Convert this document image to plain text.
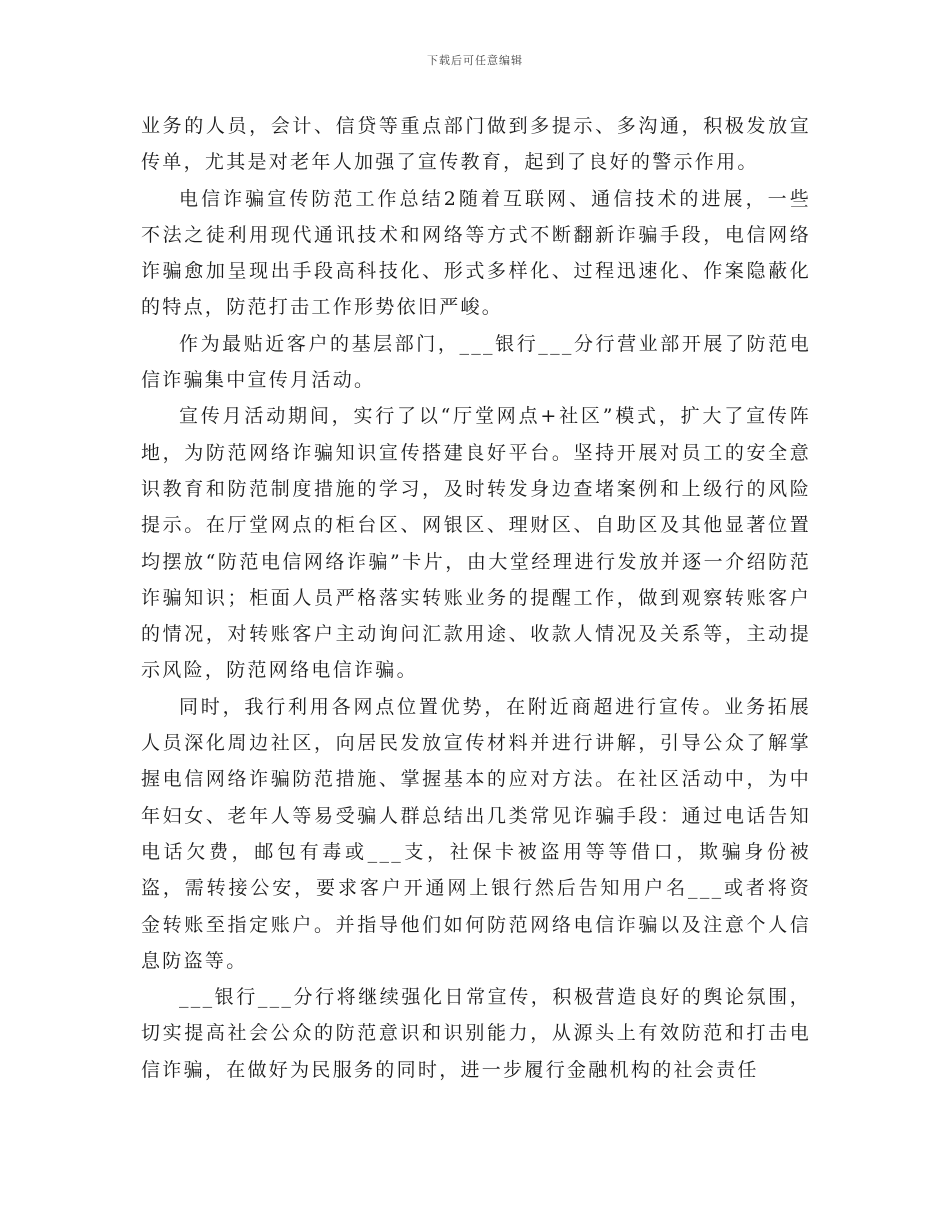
下载后可任意编辑

业务的人员，会计、信贷等重点部门做到多提示、多沟通，积极发放宣传单，尤其是对老年人加强了宣传教育，起到了良好的警示作用。

电信诈骗宣传防范工作总结2随着互联网、通信技术的进展，一些不法之徒利用现代通讯技术和网络等方式不断翻新诈骗手段，电信网络诈骗愈加呈现出手段高科技化、形式多样化、过程迅速化、作案隐蔽化的特点，防范打击工作形势依旧严峻。

作为最贴近客户的基层部门，___银行___分行营业部开展了防范电信诈骗集中宣传月活动。

宣传月活动期间，实行了以“厅堂网点+社区”模式，扩大了宣传阵地，为防范网络诈骗知识宣传搭建良好平台。坚持开展对员工的安全意识教育和防范制度措施的学习，及时转发身边查堵案例和上级行的风险提示。在厅堂网点的柜台区、网银区、理财区、自助区及其他显著位置均摆放“防范电信网络诈骗”卡片，由大堂经理进行发放并逐一介绍防范诈骗知识；柜面人员严格落实转账业务的提醒工作，做到观察转账客户的情况，对转账客户主动询问汇款用途、收款人情况及关系等，主动提示风险，防范网络电信诈骗。

同时，我行利用各网点位置优势，在附近商超进行宣传。业务拓展人员深化周边社区，向居民发放宣传材料并进行讲解，引导公众了解掌握电信网络诈骗防范措施、掌握基本的应对方法。在社区活动中，为中年妇女、老年人等易受骗人群总结出几类常见诈骗手段：通过电话告知电话欠费，邮包有毒或___支，社保卡被盗用等等借口，欺骗身份被盗，需转接公安，要求客户开通网上银行然后告知用户名___或者将资金转账至指定账户。并指导他们如何防范网络电信诈骗以及注意个人信息防盗等。

___银行___分行将继续强化日常宣传，积极营造良好的舆论氛围，切实提高社会公众的防范意识和识别能力，从源头上有效防范和打击电信诈骗，在做好为民服务的同时，进一步履行金融机构的社会责任
